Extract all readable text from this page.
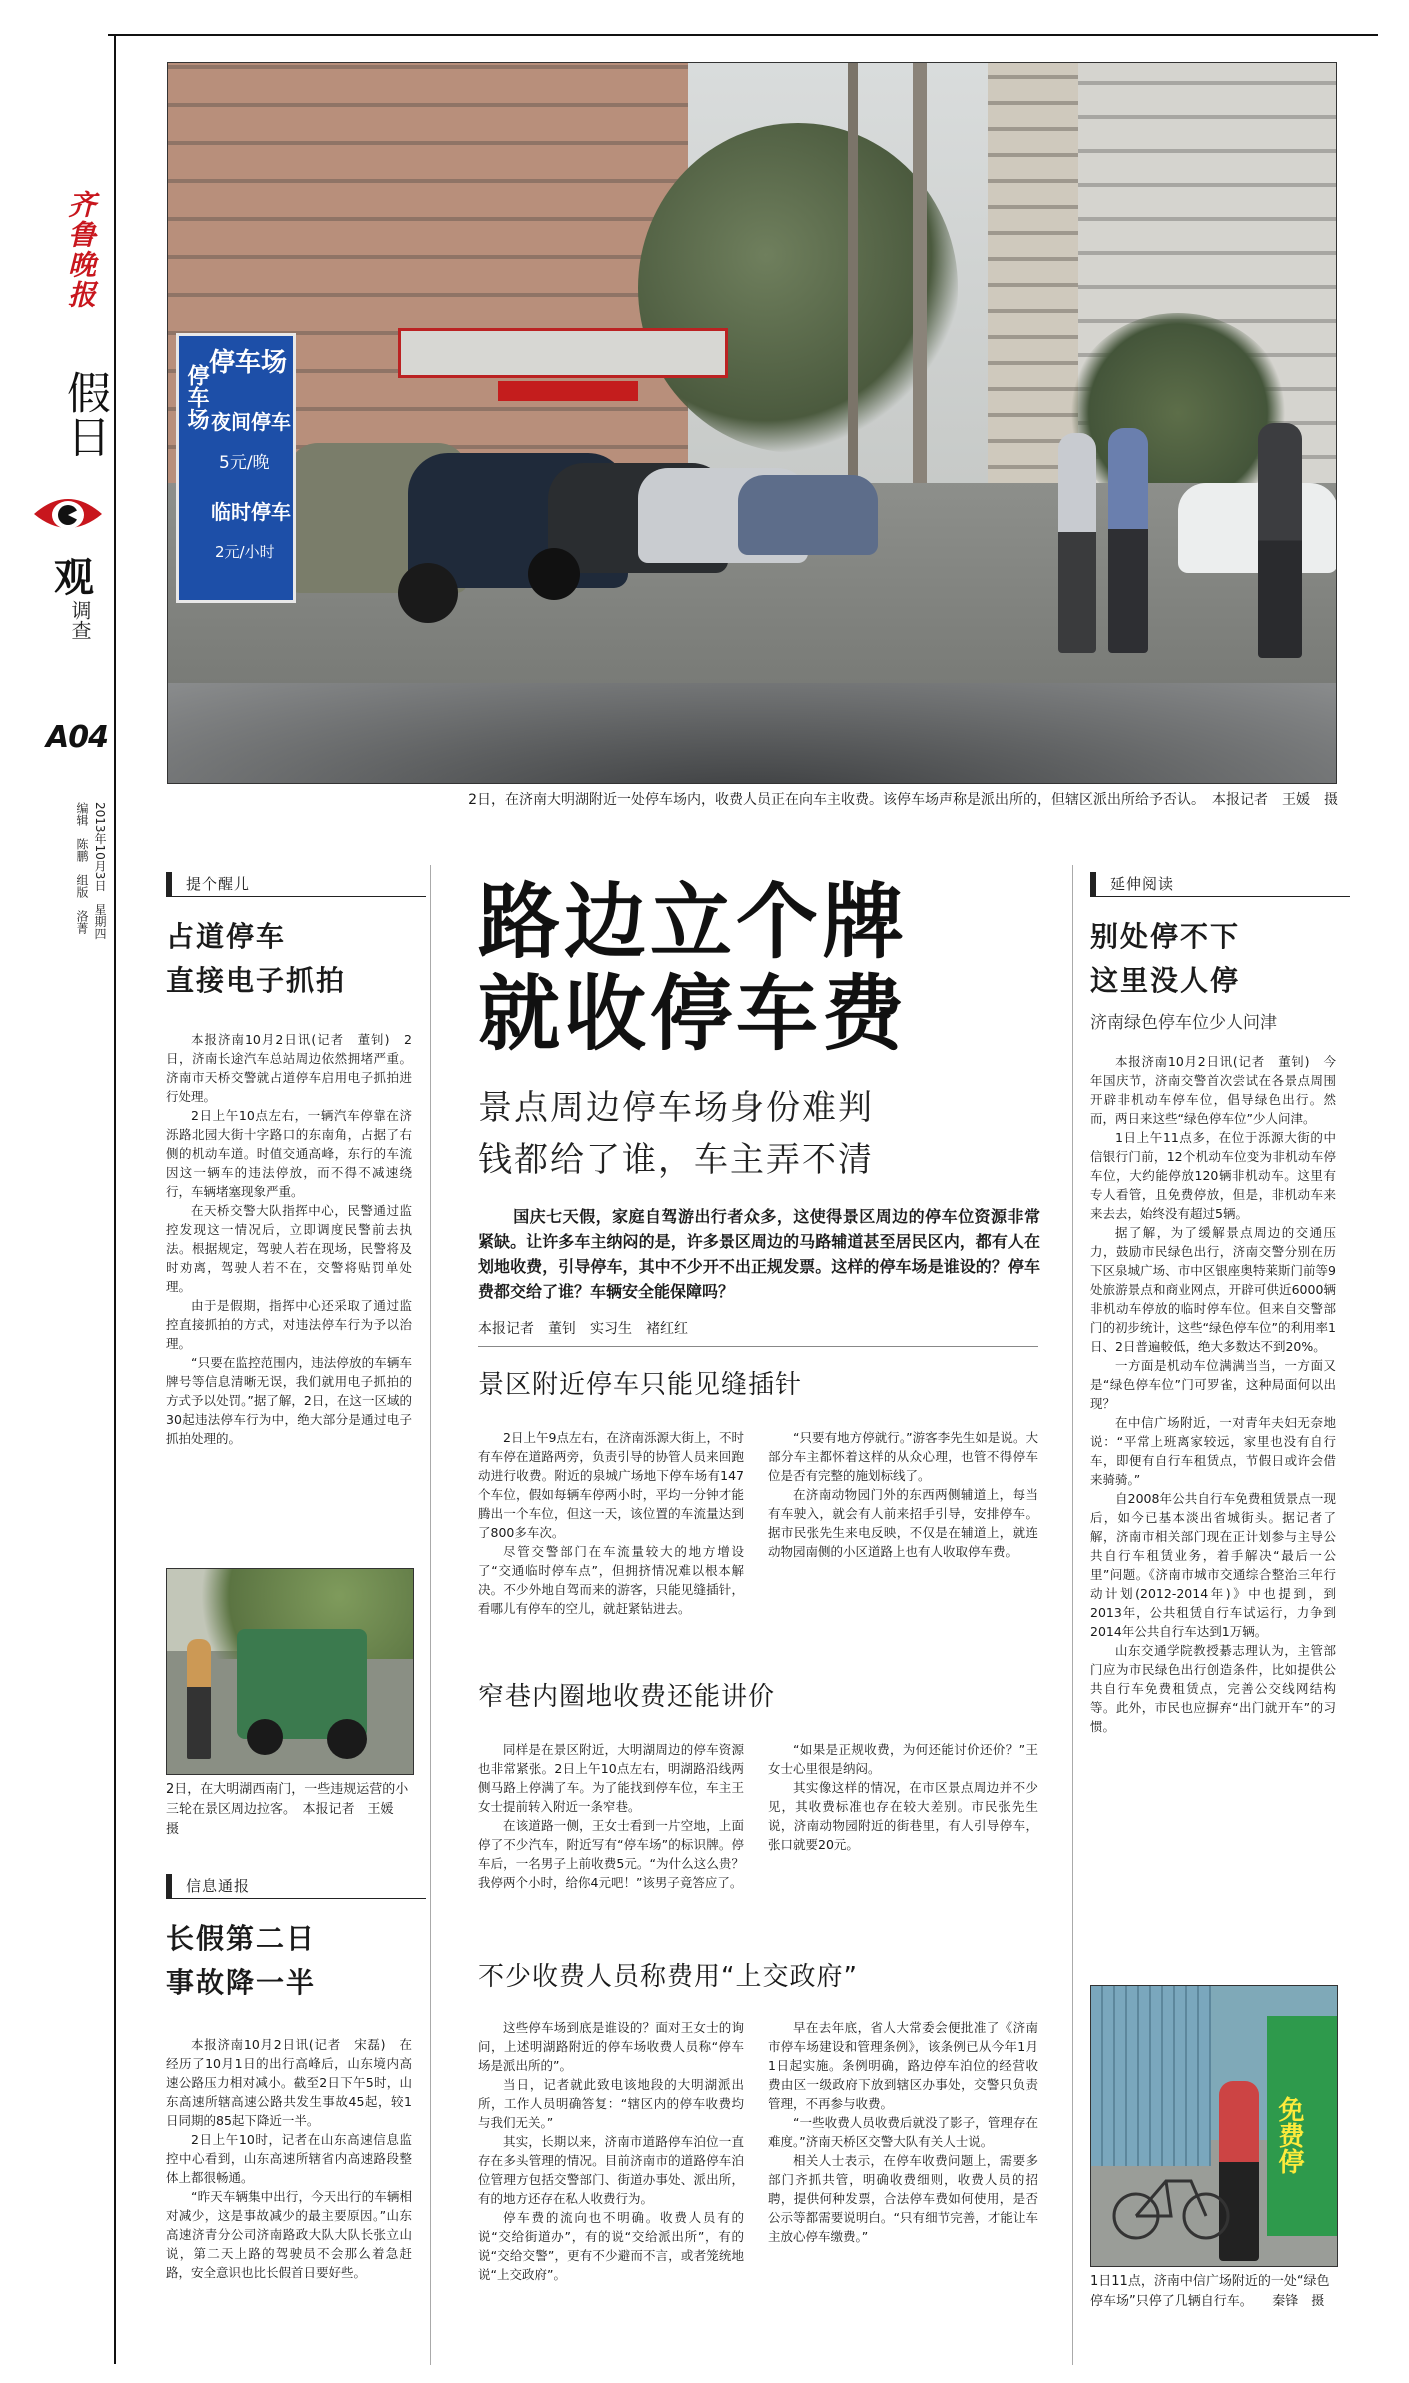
齐鲁晚报
假日
观
调查
A04
2013年10月3日　星期四
编辑　陈鹏　组版　洛菁
停车场
停车场
夜间停车
5元/晚
临时停车
2元/小时
2日，在济南大明湖附近一处停车场内，收费人员正在向车主收费。该停车场声称是派出所的，但辖区派出所给予否认。　本报记者　王媛　摄
提个醒儿
占道停车
直接电子抓拍

本报济南10月2日讯(记者　董钊)　2日，济南长途汽车总站周边依然拥堵严重。济南市天桥交警就占道停车启用电子抓拍进行处理。

2日上午10点左右，一辆汽车停靠在济泺路北园大街十字路口的东南角，占据了右侧的机动车道。时值交通高峰，东行的车流因这一辆车的违法停放，而不得不减速绕行，车辆堵塞现象严重。

在天桥交警大队指挥中心，民警通过监控发现这一情况后，立即调度民警前去执法。根据规定，驾驶人若在现场，民警将及时劝离，驾驶人若不在，交警将贴罚单处理。

由于是假期，指挥中心还采取了通过监控直接抓拍的方式，对违法停车行为予以治理。

“只要在监控范围内，违法停放的车辆车牌号等信息清晰无误，我们就用电子抓拍的方式予以处罚。”据了解，2日，在这一区域的30起违法停车行为中，绝大部分是通过电子抓拍处理的。

2日，在大明湖西南门，一些违规运营的小三轮在景区周边拉客。　本报记者　王媛　摄
信息通报
长假第二日
事故降一半

本报济南10月2日讯(记者　宋磊)　在经历了10月1日的出行高峰后，山东境内高速公路压力相对减小。截至2日下午5时，山东高速所辖高速公路共发生事故45起，较1日同期的85起下降近一半。

2日上午10时，记者在山东高速信息监控中心看到，山东高速所辖省内高速路段整体上都很畅通。

“昨天车辆集中出行，今天出行的车辆相对减少，这是事故减少的最主要原因。”山东高速济青分公司济南路政大队大队长张立山说，第二天上路的驾驶员不会那么着急赶路，安全意识也比长假首日要好些。

路边立个牌
就收停车费
景点周边停车场身份难判
钱都给了谁，车主弄不清
国庆七天假，家庭自驾游出行者众多，这使得景区周边的停车位资源非常紧缺。让许多车主纳闷的是，许多景区周边的马路辅道甚至居民区内，都有人在划地收费，引导停车，其中不少开不出正规发票。这样的停车场是谁设的？停车费都交给了谁？车辆安全能保障吗？
本报记者　董钊　实习生　褚红红
景区附近停车只能见缝插针

2日上午9点左右，在济南泺源大街上，不时有车停在道路两旁，负责引导的协管人员来回跑动进行收费。附近的泉城广场地下停车场有147个车位，假如每辆车停两小时，平均一分钟才能腾出一个车位，但这一天，该位置的车流量达到了800多车次。

尽管交警部门在车流量较大的地方增设了“交通临时停车点”，但拥挤情况难以根本解决。不少外地自驾而来的游客，只能见缝插针，看哪儿有停车的空儿，就赶紧钻进去。

“只要有地方停就行。”游客李先生如是说。大部分车主都怀着这样的从众心理，也管不得停车位是否有完整的施划标线了。

在济南动物园门外的东西两侧辅道上，每当有车驶入，就会有人前来招手引导，安排停车。据市民张先生来电反映，不仅是在辅道上，就连动物园南侧的小区道路上也有人收取停车费。

窄巷内圈地收费还能讲价

同样是在景区附近，大明湖周边的停车资源也非常紧张。2日上午10点左右，明湖路沿线两侧马路上停满了车。为了能找到停车位，车主王女士提前转入附近一条窄巷。

在该道路一侧，王女士看到一片空地，上面停了不少汽车，附近写有“停车场”的标识牌。停车后，一名男子上前收费5元。“为什么这么贵？我停两个小时，给你4元吧！”该男子竟答应了。

“如果是正规收费，为何还能讨价还价？”王女士心里很是纳闷。

其实像这样的情况，在市区景点周边并不少见，其收费标准也存在较大差别。市民张先生说，济南动物园附近的街巷里，有人引导停车，张口就要20元。

不少收费人员称费用“上交政府”

这些停车场到底是谁设的？面对王女士的询问，上述明湖路附近的停车场收费人员称“停车场是派出所的”。

当日，记者就此致电该地段的大明湖派出所，工作人员明确答复：“辖区内的停车收费均与我们无关。”

其实，长期以来，济南市道路停车泊位一直存在多头管理的情况。目前济南市的道路停车泊位管理方包括交警部门、街道办事处、派出所，有的地方还存在私人收费行为。

停车费的流向也不明确。收费人员有的说“交给街道办”，有的说“交给派出所”，有的说“交给交警”，更有不少避而不言，或者笼统地说“上交政府”。

早在去年底，省人大常委会便批准了《济南市停车场建设和管理条例》，该条例已从今年1月1日起实施。条例明确，路边停车泊位的经营收费由区一级政府下放到辖区办事处，交警只负责管理，不再参与收费。

“一些收费人员收费后就没了影子，管理存在难度。”济南天桥区交警大队有关人士说。

相关人士表示，在停车收费问题上，需要多部门齐抓共管，明确收费细则，收费人员的招聘，提供何种发票，合法停车费如何使用，是否公示等都需要说明白。“只有细节完善，才能让车主放心停车缴费。”

延伸阅读
别处停不下
这里没人停
济南绿色停车位少人问津

本报济南10月2日讯(记者　董钊)　今年国庆节，济南交警首次尝试在各景点周围开辟非机动车停车位，倡导绿色出行。然而，两日来这些“绿色停车位”少人问津。

1日上午11点多，在位于泺源大街的中信银行门前，12个机动车位变为非机动车停车位，大约能停放120辆非机动车。这里有专人看管，且免费停放，但是，非机动车来来去去，始终没有超过5辆。

据了解，为了缓解景点周边的交通压力，鼓励市民绿色出行，济南交警分别在历下区泉城广场、市中区银座奥特莱斯门前等9处旅游景点和商业网点，开辟可供近6000辆非机动车停放的临时停车位。但来自交警部门的初步统计，这些“绿色停车位”的利用率1日、2日普遍較低，绝大多数达不到20%。

一方面是机动车位满满当当，一方面又是“绿色停车位”门可罗雀，这种局面何以出现？

在中信广场附近，一对青年夫妇无奈地说：“平常上班离家较远，家里也没有自行车，即便有自行车租赁点，节假日或许会借来骑骑。”

自2008年公共自行车免费租赁景点一现后，如今已基本淡出省城街头。据记者了解，济南市相关部门现在正计划参与主导公共自行车租赁业务，着手解决“最后一公里”问题。《济南市城市交通综合整治三年行动计划(2012-2014年)》中也提到，到2013年，公共租赁自行车试运行，力争到2014年公共自行车达到1万辆。

山东交通学院教授綦志理认为，主管部门应为市民绿色出行创造条件，比如提供公共自行车免费租赁点，完善公交线网结构等。此外，市民也应摒弃“出门就开车”的习惯。

免费停
1日11点，济南中信广场附近的一处“绿色停车场”只停了几辆自行车。　　秦锋　摄
